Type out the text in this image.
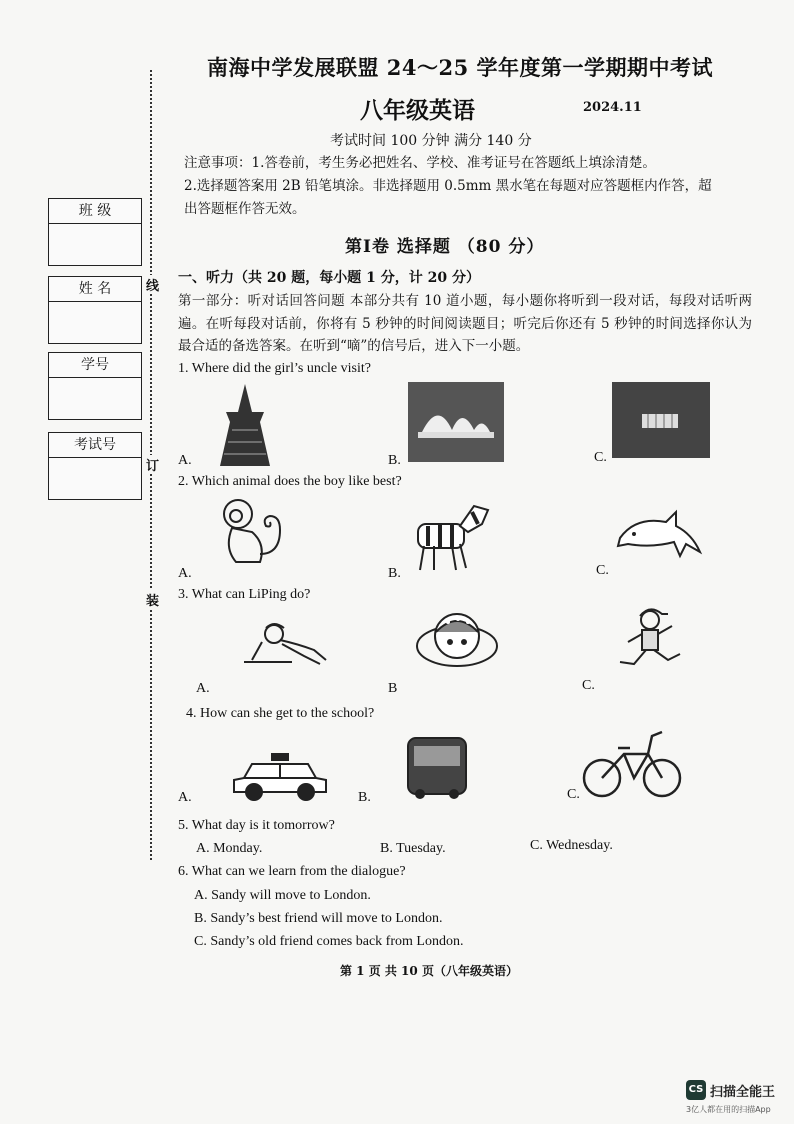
南海中学发展联盟 24～25 学年度第一学期期中考试
八年级英语	2024.11
考试时间 100 分钟 满分 140 分
注意事项：1.答卷前，考生务必把姓名、学校、准考证号在答题纸上填涂清楚。
2.选择题答案用 2B 铅笔填涂。非选择题用 0.5mm 黑水笔在每题对应答题框内作答，超
出答题框作答无效。
线
订
装
班 级
姓 名
学号
考试号
第Ⅰ卷 选择题 （80 分）
一、听力（共 20 题，每小题 1 分，计 20 分）
第一部分：听对话回答问题 本部分共有 10 道小题，每小题你将听到一段对话，每段对话听两遍。在听每段对话前，你将有 5 秒钟的时间阅读题目；听完后你还有 5 秒钟的时间选择你认为最合适的备选答案。在听到“嘀”的信号后，进入下一小题。
1. Where did the girl’s uncle visit?
A.	B.	C.
2. Which animal does the boy like best?
A.	B.	C.
3. What can LiPing do?
A.	B	C.
4. How can she get to the school?
A.	B.	C.
5. What day is it tomorrow?
A. Monday.	B. Tuesday.	C. Wednesday.
6. What can we learn from the dialogue?
A. Sandy will move to London.
B. Sandy’s best friend will move to London.
C. Sandy’s old friend comes back from London.
第 1 页 共 10 页（八年级英语）
CS 扫描全能王
3亿人都在用的扫描App
